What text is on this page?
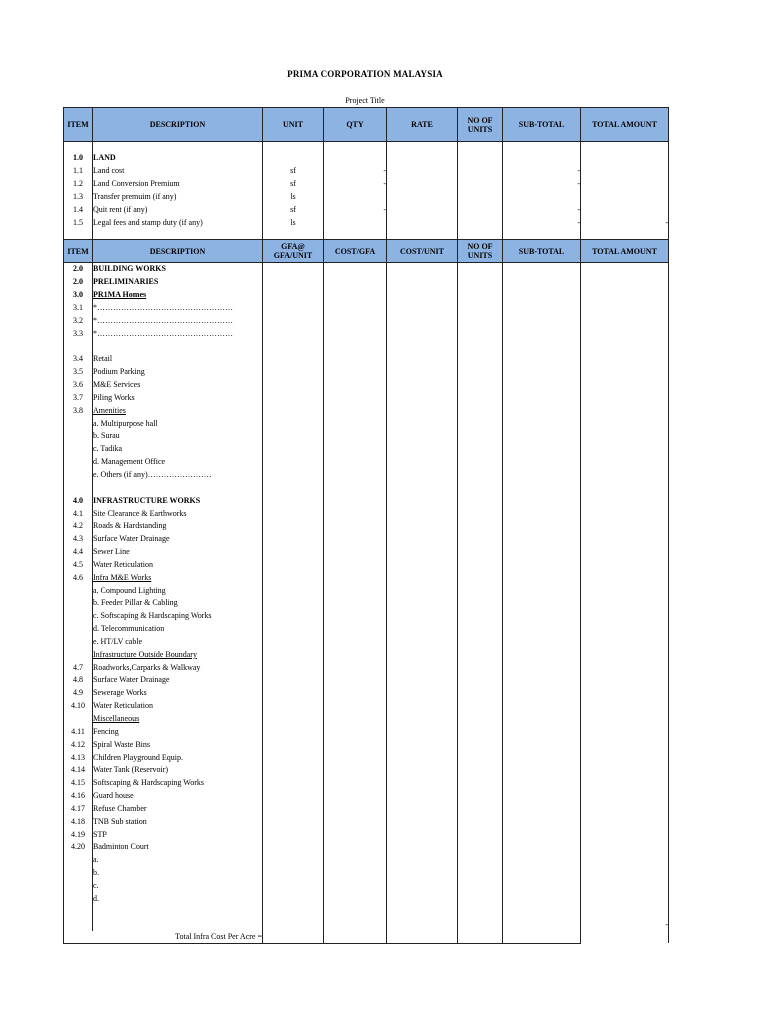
PRIMA CORPORATION MALAYSIA
Project Title
ITEM	DESCRIPTION	UNIT	QTY	RATE	NO OF UNITS	SUB-TOTAL	TOTAL AMOUNT

1.0	LAND						
1.1	Land cost	sf	-			-	
1.2	Land Conversion Premium	sf	-			-	
1.3	Transfer premuim (if any)	ls					
1.4	Quit rent (if any)	sf	-			-	
1.5	Legal fees and stamp duty (if any)	ls				-	-

ITEM	DESCRIPTION	GFA@ GFA/UNIT	COST/GFA	COST/UNIT	NO OF UNITS	SUB-TOTAL	TOTAL AMOUNT
2.0	BUILDING WORKS						
2.0	PRELIMINARIES						
3.0	PR1MA Homes						
3.1	*……………………………………………						
3.2	*……………………………………………						
3.3	*……………………………………………						

3.4	Retail						
3.5	Podium Parking						
3.6	M&E Services						
3.7	Piling Works						
3.8	Amenities						
	a. Multipurpose hall						
	b. Surau						
	c. Tadika						
	d. Management Office						
	e. Others (if any)……………………						

4.0	INFRASTRUCTURE WORKS						
4.1	Site Clearance & Earthworks						
4.2	Roads & Hardstanding						
4.3	Surface Water Drainage						
4.4	Sewer Line						
4.5	Water Reticulation						
4.6	Infra M&E Works						
	a. Compound Lighting						
	b. Feeder Pillar & Cabling						
	c. Softscaping & Hardscaping Works						
	d. Telecommunication						
	e. HT/LV cable						
	Infrastructure Outside Boundary						
4.7	Roadworks,Carparks & Walkway						
4.8	Surface Water Drainage						
4.9	Sewerage Works						
4.10	Water Reticulation						
	Miscellaneous						
4.11	Fencing						
4.12	Spiral Waste Bins						
4.13	Children Playground Equip.						
4.14	Water Tank (Reservoir)						
4.15	Softscaping & Hardscaping Works						
4.16	Guard house						
4.17	Refuse Chamber						
4.18	TNB Sub station						
4.19	STP						
4.20	Badminton Court						
	a.						
	b.						
	c.						
	d.						

							-
Total Infra Cost Per Acre =							
